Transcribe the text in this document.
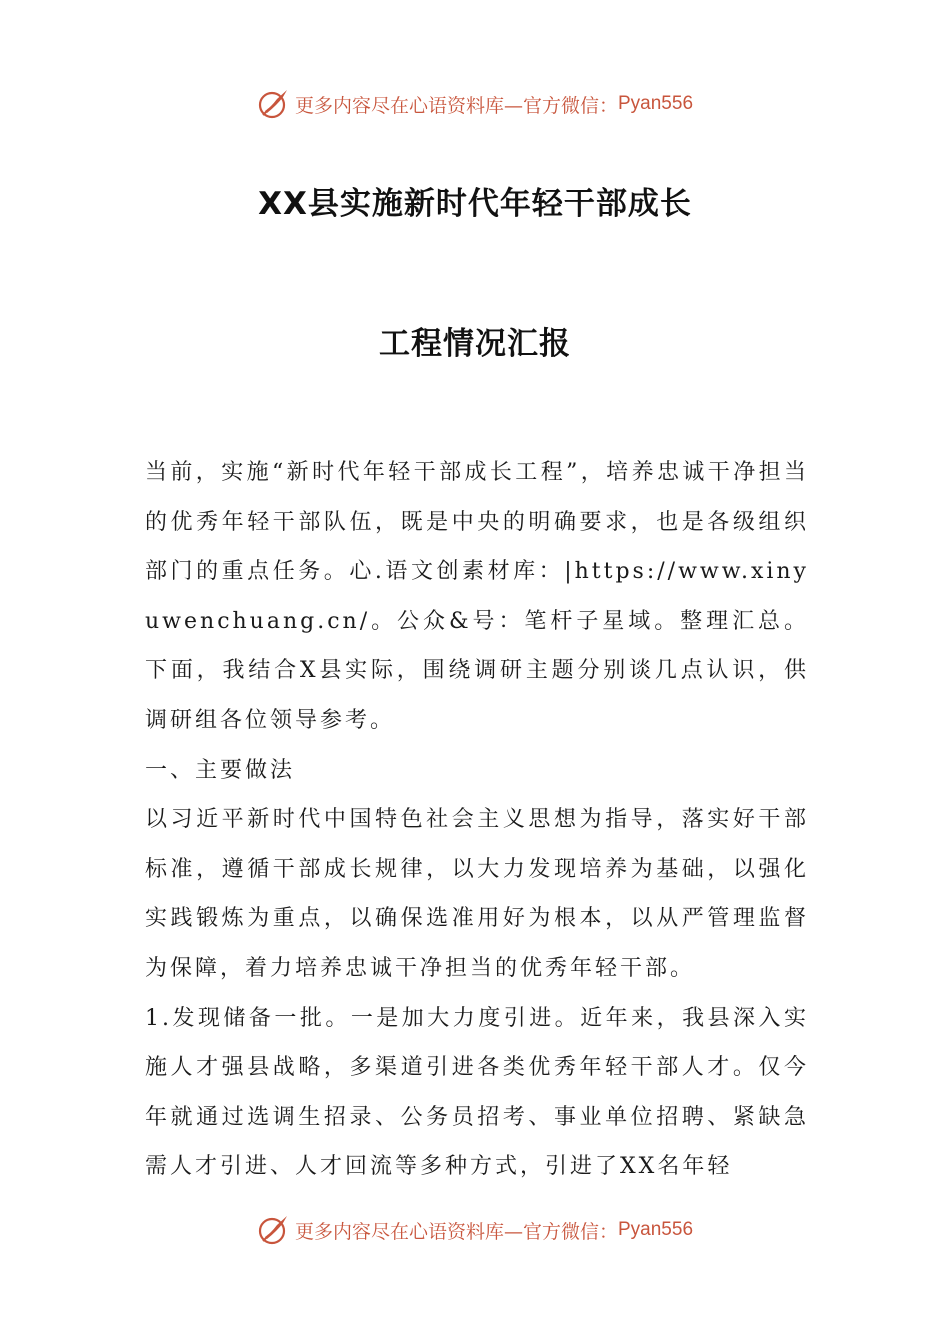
更多内容尽在心语资料库—官方微信： Pyan556
XX县实施新时代年轻干部成长
工程情况汇报

当前，实施“新时代年轻干部成长工程”，培养忠诚干净担当的优秀年轻干部队伍，既是中央的明确要求，也是各级组织部门的重点任务。心.语文创素材库：|https://www.xinyuwenchuang.cn/。公众&号：笔杆子星域。整理汇总。下面，我结合X县实际，围绕调研主题分别谈几点认识，供调研组各位领导参考。

一、主要做法

以习近平新时代中国特色社会主义思想为指导，落实好干部标准，遵循干部成长规律，以大力发现培养为基础，以强化实践锻炼为重点，以确保选准用好为根本，以从严管理监督为保障，着力培养忠诚干净担当的优秀年轻干部。

1.发现储备一批。一是加大力度引进。近年来，我县深入实施人才强县战略，多渠道引进各类优秀年轻干部人才。仅今年就通过选调生招录、公务员招考、事业单位招聘、紧缺急需人才引进、人才回流等多种方式，引进了XX名年轻

更多内容尽在心语资料库—官方微信： Pyan556
